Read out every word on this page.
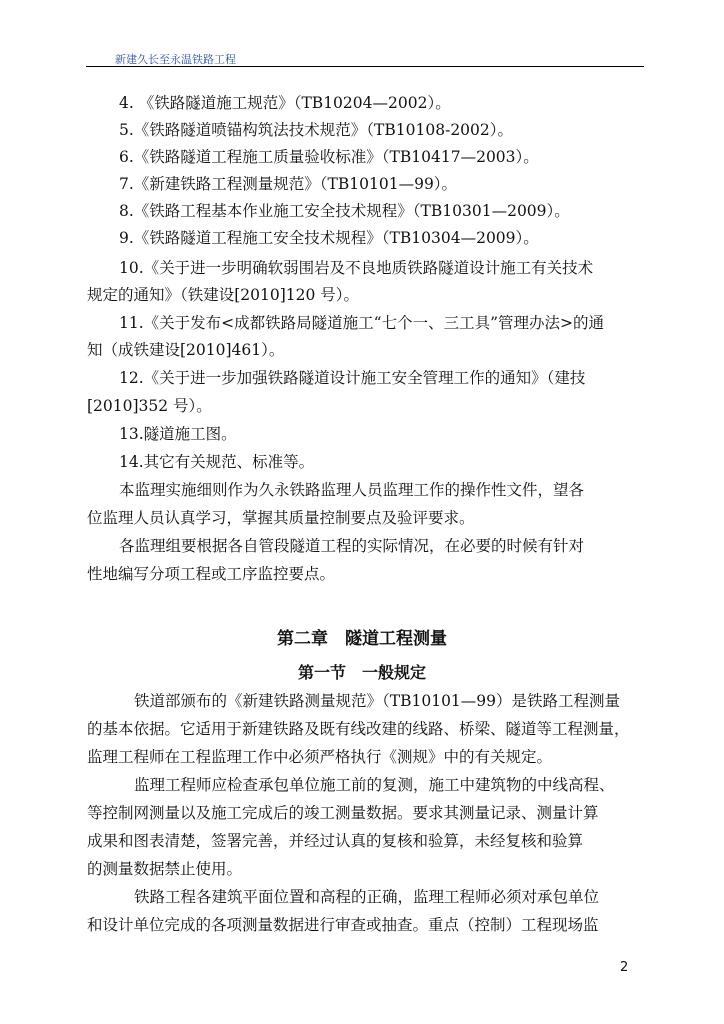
新建久长至永温铁路工程
4. 《铁路隧道施工规范》（TB10204—2002）。
5.《铁路隧道喷锚构筑法技术规范》（TB10108-2002）。
6.《铁路隧道工程施工质量验收标准》（TB10417—2003）。
7.《新建铁路工程测量规范》（TB10101—99）。
8.《铁路工程基本作业施工安全技术规程》（TB10301—2009）。
9.《铁路隧道工程施工安全技术规程》（TB10304—2009）。
10.《关于进一步明确软弱围岩及不良地质铁路隧道设计施工有关技术
规定的通知》（铁建设[2010]120 号）。
11.《关于发布<成都铁路局隧道施工“七个一、三工具”管理办法>的通
知（成铁建设[2010]461）。
12.《关于进一步加强铁路隧道设计施工安全管理工作的通知》（建技
[2010]352 号）。
13.隧道施工图。
14.其它有关规范、标准等。
本监理实施细则作为久永铁路监理人员监理工作的操作性文件，望各
位监理人员认真学习，掌握其质量控制要点及验评要求。
各监理组要根据各自管段隧道工程的实际情况，在必要的时候有针对
性地编写分项工程或工序监控要点。
第二章　隧道工程测量
第一节　一般规定
铁道部颁布的《新建铁路测量规范》（TB10101—99）是铁路工程测量
的基本依据。它适用于新建铁路及既有线改建的线路、桥梁、隧道等工程测量，
监理工程师在工程监理工作中必须严格执行《测规》中的有关规定。
监理工程师应检查承包单位施工前的复测，施工中建筑物的中线高程、
等控制网测量以及施工完成后的竣工测量数据。要求其测量记录、测量计算
成果和图表清楚，签署完善，并经过认真的复核和验算，未经复核和验算
的测量数据禁止使用。
铁路工程各建筑平面位置和高程的正确，监理工程师必须对承包单位
和设计单位完成的各项测量数据进行审查或抽查。重点（控制）工程现场监
2
